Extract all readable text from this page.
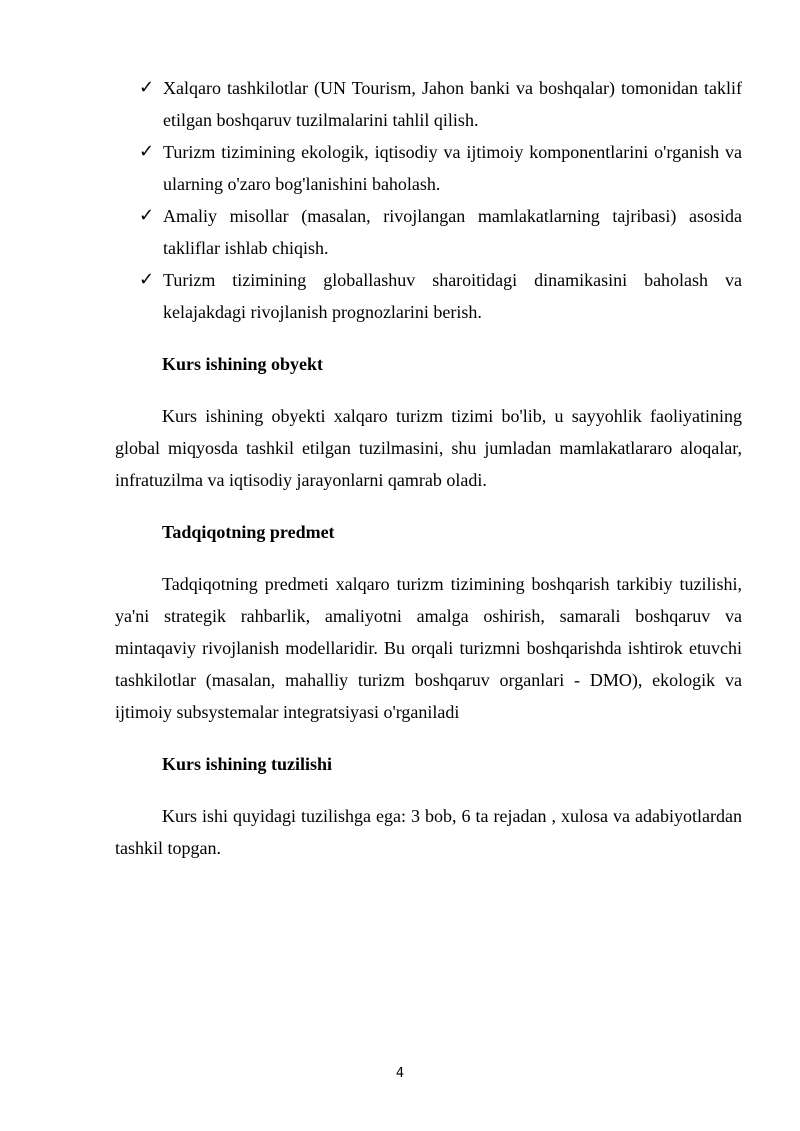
✓ Xalqaro tashkilotlar (UN Tourism, Jahon banki va boshqalar) tomonidan taklif etilgan boshqaruv tuzilmalarini tahlil qilish.
✓ Turizm tizimining ekologik, iqtisodiy va ijtimoiy komponentlarini o'rganish va ularning o'zaro bog'lanishini baholash.
✓ Amaliy misollar (masalan, rivojlangan mamlakatlarning tajribasi) asosida takliflar ishlab chiqish.
✓ Turizm tizimining globallashuv sharoitidagi dinamikasini baholash va kelajakdagi rivojlanish prognozlarini berish.

Kurs ishining obyekt

Kurs ishining obyekti xalqaro turizm tizimi bo'lib, u sayyohlik faoliyatining global miqyosda tashkil etilgan tuzilmasini, shu jumladan mamlakatlararo aloqalar, infratuzilma va iqtisodiy jarayonlarni qamrab oladi.

Tadqiqotning predmet

Tadqiqotning predmeti xalqaro turizm tizimining boshqarish tarkibiy tuzilishi, ya'ni strategik rahbarlik, amaliyotni amalga oshirish, samarali boshqaruv va mintaqaviy rivojlanish modellaridir. Bu orqali turizmni boshqarishda ishtirok etuvchi tashkilotlar (masalan, mahalliy turizm boshqaruv organlari - DMO), ekologik va ijtimoiy subsystemalar integratsiyasi o'rganiladi

Kurs ishining tuzilishi

Kurs ishi quyidagi tuzilishga ega: 3 bob, 6 ta rejadan , xulosa va adabiyotlardan tashkil topgan.

4
